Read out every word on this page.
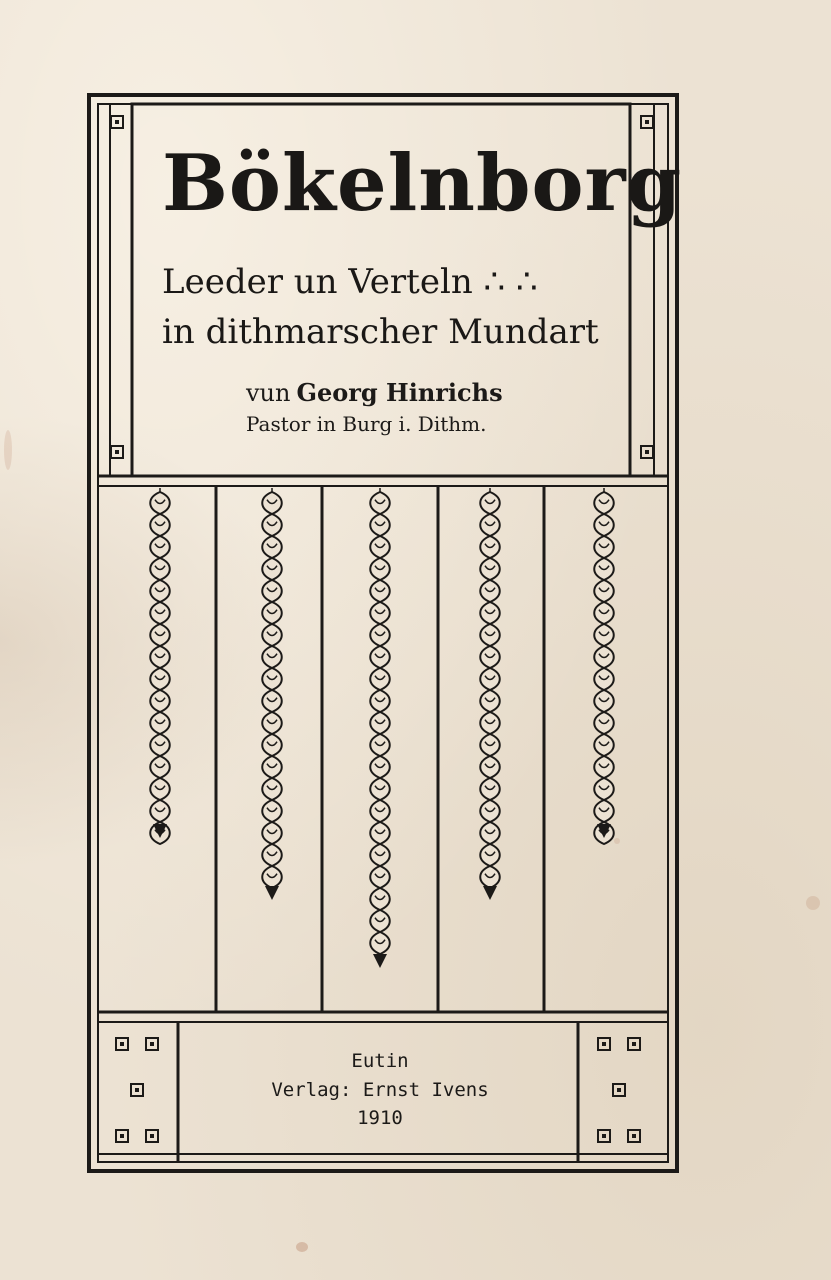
Bökelnborg
Leeder un Verteln ∴ ∴
in dithmarscher Mundart
vun Georg Hinrichs
Pastor in Burg i. Dithm.
Eutin
Verlag: Ernst Ivens
1910
